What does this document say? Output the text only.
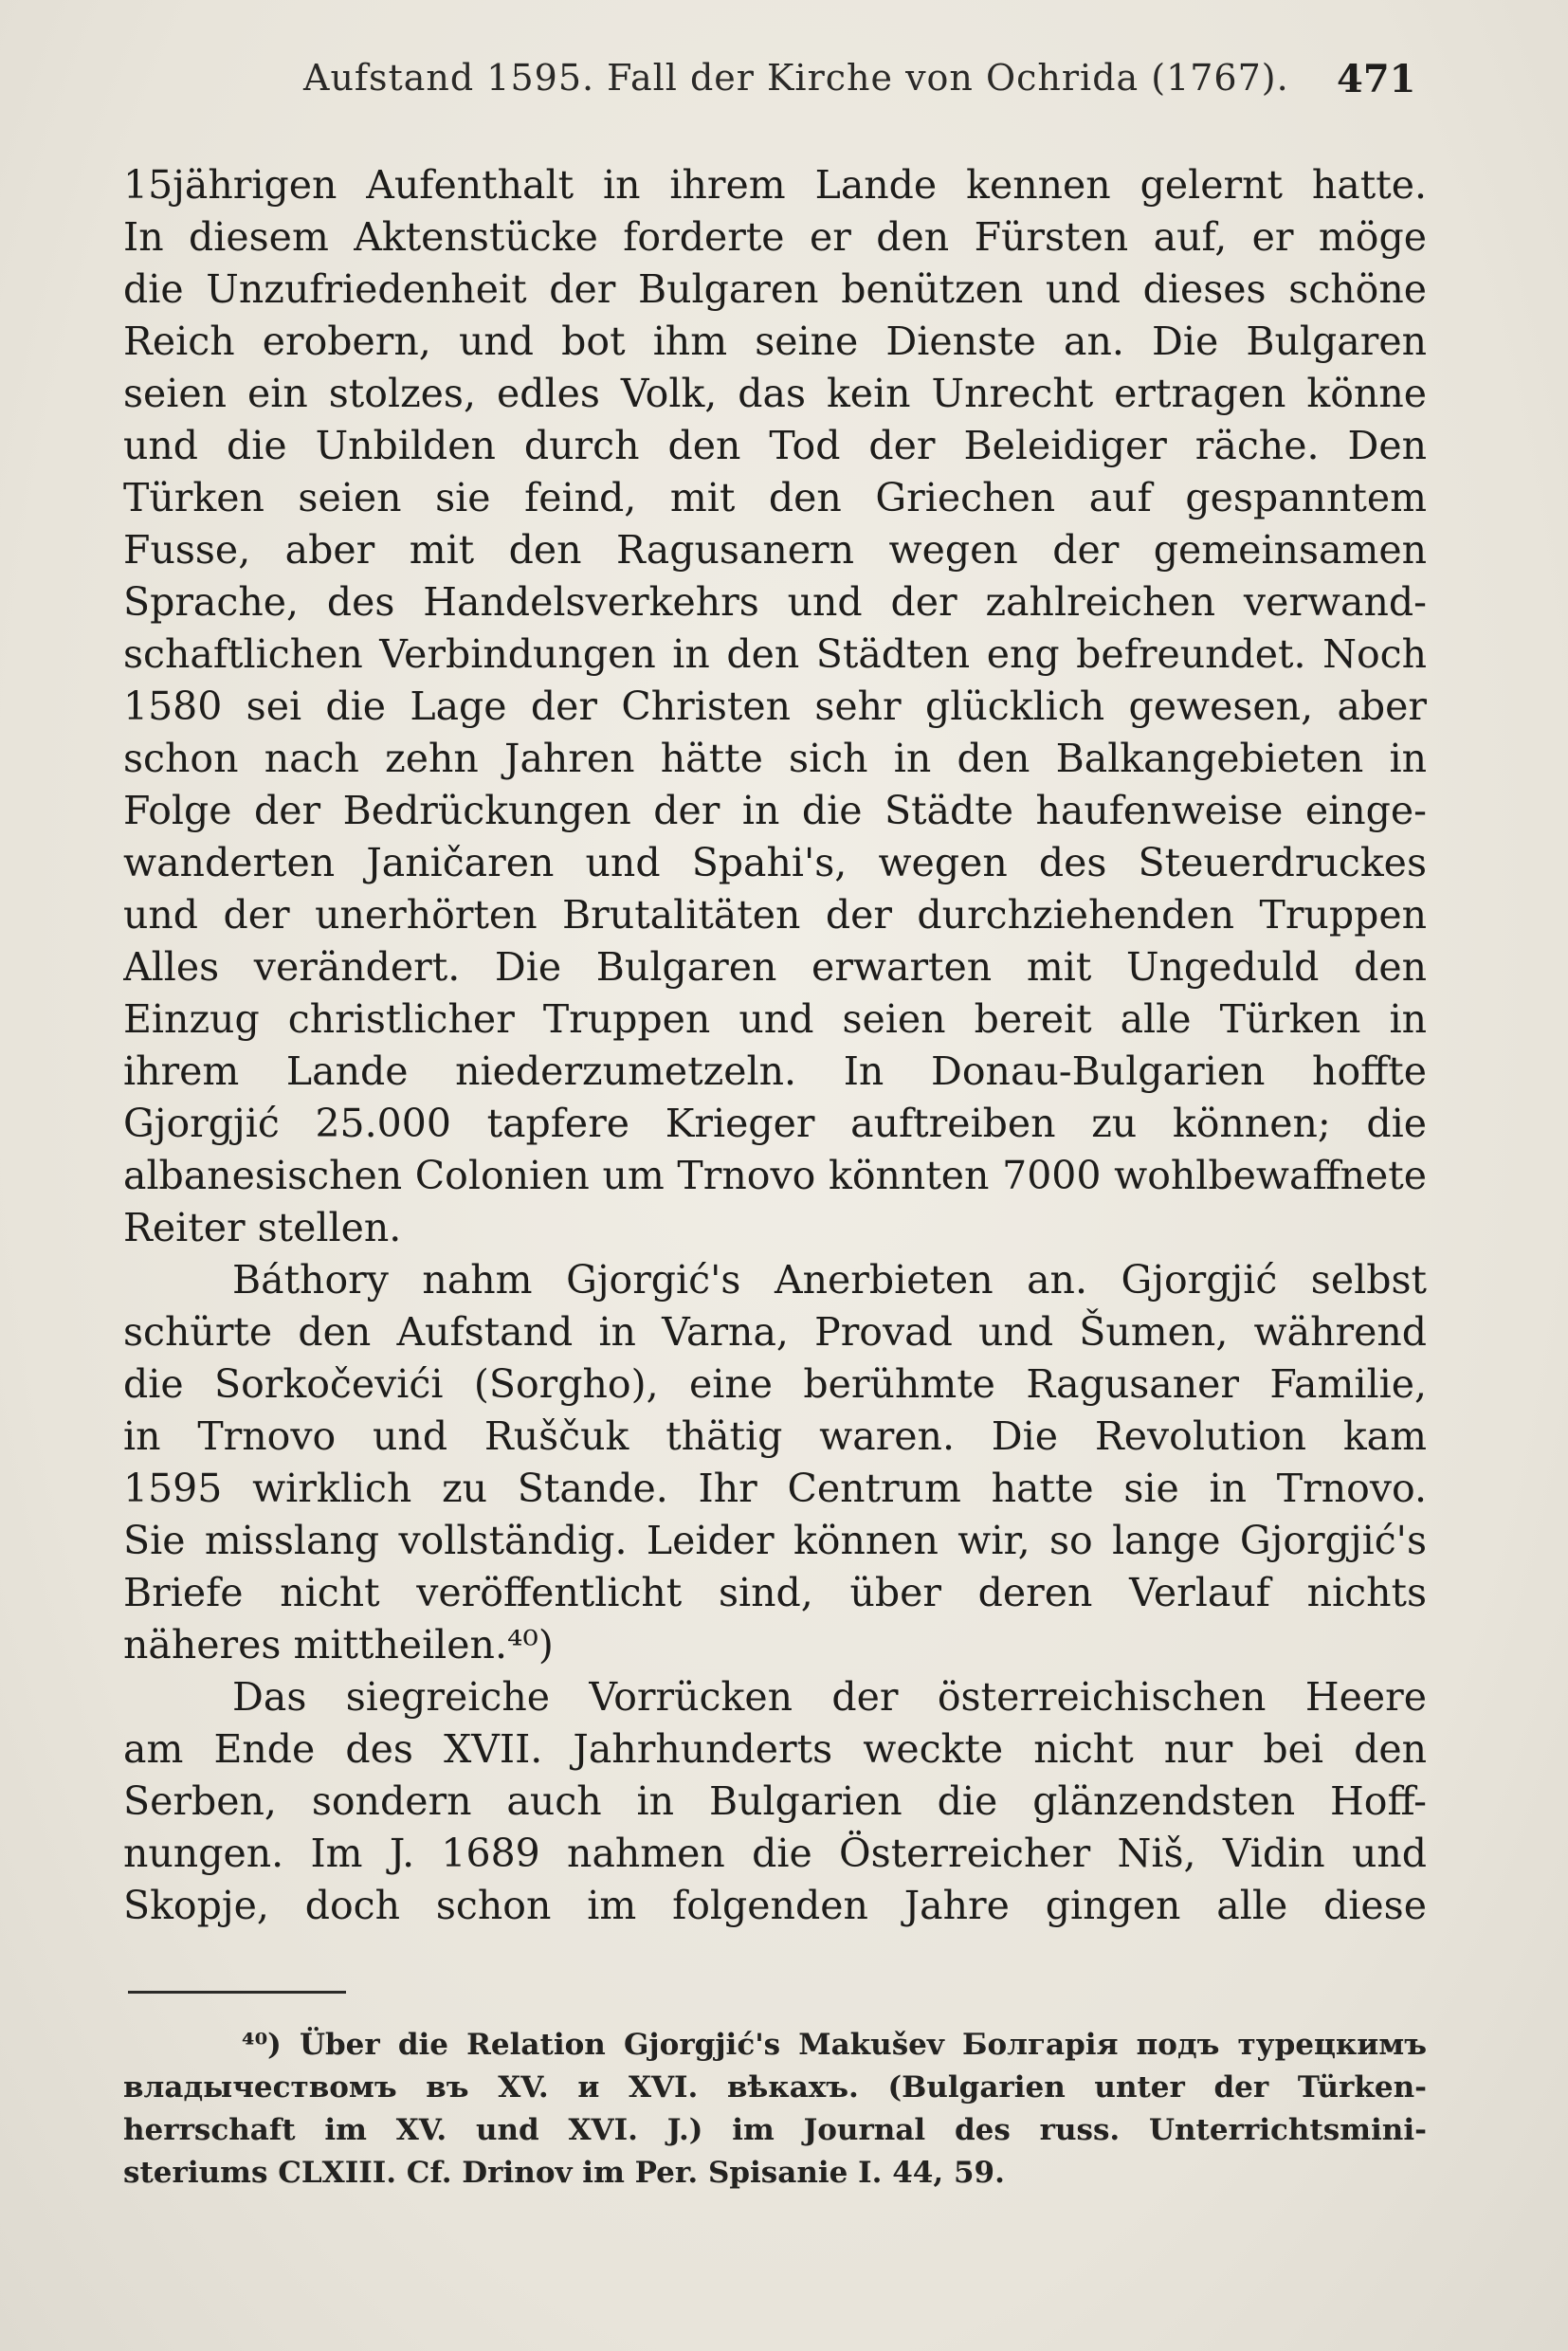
Aufstand 1595. Fall der Kirche von Ochrida (1767).	471
15jährigen Aufenthalt in ihrem Lande kennen gelernt hatte.
In diesem Aktenstücke forderte er den Fürsten auf, er möge
die Unzufriedenheit der Bulgaren benützen und dieses schöne
Reich erobern, und bot ihm seine Dienste an. Die Bulgaren
seien ein stolzes, edles Volk, das kein Unrecht ertragen könne
und die Unbilden durch den Tod der Beleidiger räche. Den
Türken seien sie feind, mit den Griechen auf gespanntem
Fusse, aber mit den Ragusanern wegen der gemeinsamen
Sprache, des Handelsverkehrs und der zahlreichen verwand-
schaftlichen Verbindungen in den Städten eng befreundet. Noch
1580 sei die Lage der Christen sehr glücklich gewesen, aber
schon nach zehn Jahren hätte sich in den Balkangebieten in
Folge der Bedrückungen der in die Städte haufenweise einge-
wanderten Janičaren und Spahi's, wegen des Steuerdruckes
und der unerhörten Brutalitäten der durchziehenden Truppen
Alles verändert. Die Bulgaren erwarten mit Ungeduld den
Einzug christlicher Truppen und seien bereit alle Türken in
ihrem Lande niederzumetzeln. In Donau-Bulgarien hoffte
Gjorgjić 25.000 tapfere Krieger auftreiben zu können; die
albanesischen Colonien um Trnovo könnten 7000 wohlbewaffnete
Reiter stellen.
Báthory nahm Gjorgić's Anerbieten an. Gjorgjić selbst
schürte den Aufstand in Varna, Provad und Šumen, während
die Sorkočevići (Sorgho), eine berühmte Ragusaner Familie,
in Trnovo und Ruščuk thätig waren. Die Revolution kam
1595 wirklich zu Stande. Ihr Centrum hatte sie in Trnovo.
Sie misslang vollständig. Leider können wir, so lange Gjorgjić's
Briefe nicht veröffentlicht sind, über deren Verlauf nichts
näheres mittheilen.⁴⁰)
Das siegreiche Vorrücken der österreichischen Heere
am Ende des XVII. Jahrhunderts weckte nicht nur bei den
Serben, sondern auch in Bulgarien die glänzendsten Hoff-
nungen. Im J. 1689 nahmen die Österreicher Niš, Vidin und
Skopje, doch schon im folgenden Jahre gingen alle diese
⁴⁰) Über die Relation Gjorgjić's Makušev Болгарія подъ турецкимъ
владычествомъ въ XV. и XVI. вѣкахъ. (Bulgarien unter der Türken-
herrschaft im XV. und XVI. J.) im Journal des russ. Unterrichtsmini-
steriums CLXIII. Cf. Drinov im Per. Spisanie I. 44, 59.
